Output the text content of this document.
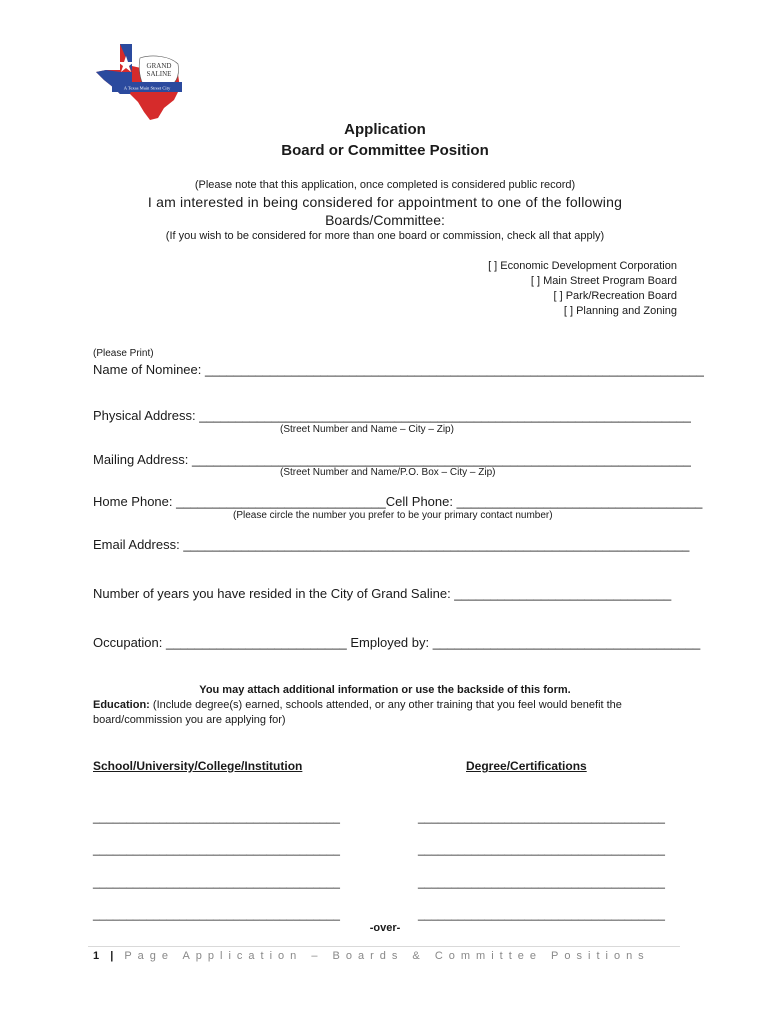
GRAND
SALINE
A Texas Main Street City
Application
Board or Committee Position
(Please note that this application, once completed is considered public record)
I am interested in being considered for appointment to one of the following
Boards/Committee:
(If you wish to be considered for more than one board or commission, check all that apply)
[ ] Economic Development Corporation
[ ] Main Street Program Board
[ ] Park/Recreation Board
[ ] Planning and Zoning
(Please Print)
Name of Nominee: _____________________________________________________________________
Physical Address: ____________________________________________________________________
(Street Number and Name – City – Zip)
Mailing Address: _____________________________________________________________________
(Street Number and Name/P.O. Box – City – Zip)
Home Phone: _____________________________Cell Phone: __________________________________
(Please circle the number you prefer to be your primary contact number)
Email Address: ______________________________________________________________________
Number of years you have resided in the City of Grand Saline: ______________________________
Occupation: _________________________ Employed by: _____________________________________
You may attach additional information or use the backside of this form.
Education: (Include degree(s) earned, schools attended, or any other training that you feel would benefit the
board/commission you are applying for)
School/University/College/Institution	Degree/Certifications
_____________________________________	_____________________________________
_____________________________________	_____________________________________
_____________________________________	_____________________________________
_____________________________________	_____________________________________
-over-
1 | Page Application – Boards & Committee Positions
